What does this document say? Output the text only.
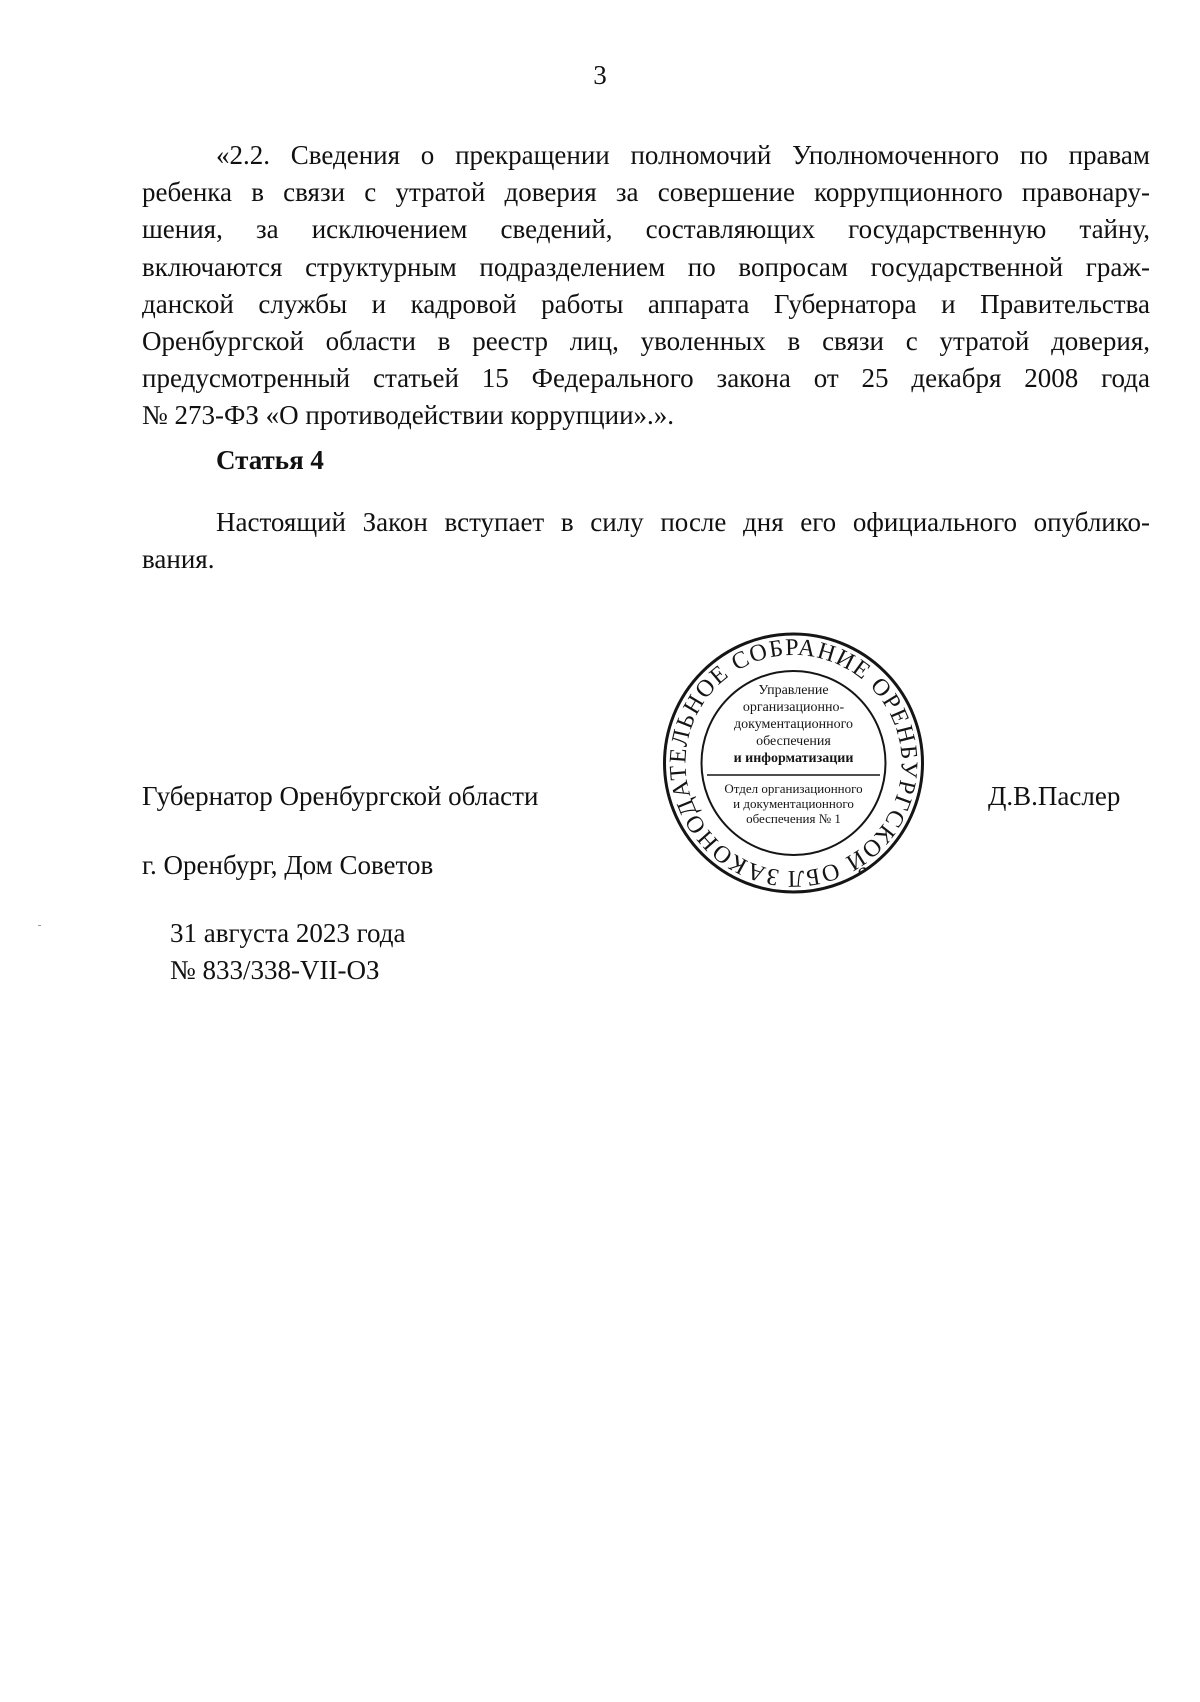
3
«2.2. Сведения о прекращении полномочий Уполномоченного по правам
ребенка в связи с утратой доверия за совершение коррупционного правонару-
шения, за исключением сведений, составляющих государственную тайну,
включаются структурным подразделением по вопросам государственной граж-
данской службы и кадровой работы аппарата Губернатора и Правительства
Оренбургской области в реестр лиц, уволенных в связи с утратой доверия,
предусмотренный статьей 15 Федерального закона от 25 декабря 2008 года
№ 273-ФЗ «О противодействии коррупции».».
Статья 4
Настоящий Закон вступает в силу после дня его официального опублико-
вания.
Губернатор Оренбургской области	Д.В.Паслер
г. Оренбург, Дом Советов
31 августа 2023 года
№ 833/338-VII-ОЗ
ЗАКОНОДАТЕЛЬНОЕ СОБРАНИЕ ОРЕНБУРГСКОЙ ОБЛ
Управление
организационно-
документационного
обеспечения
и информатизации
Отдел организационного
и документационного
обеспечения № 1
